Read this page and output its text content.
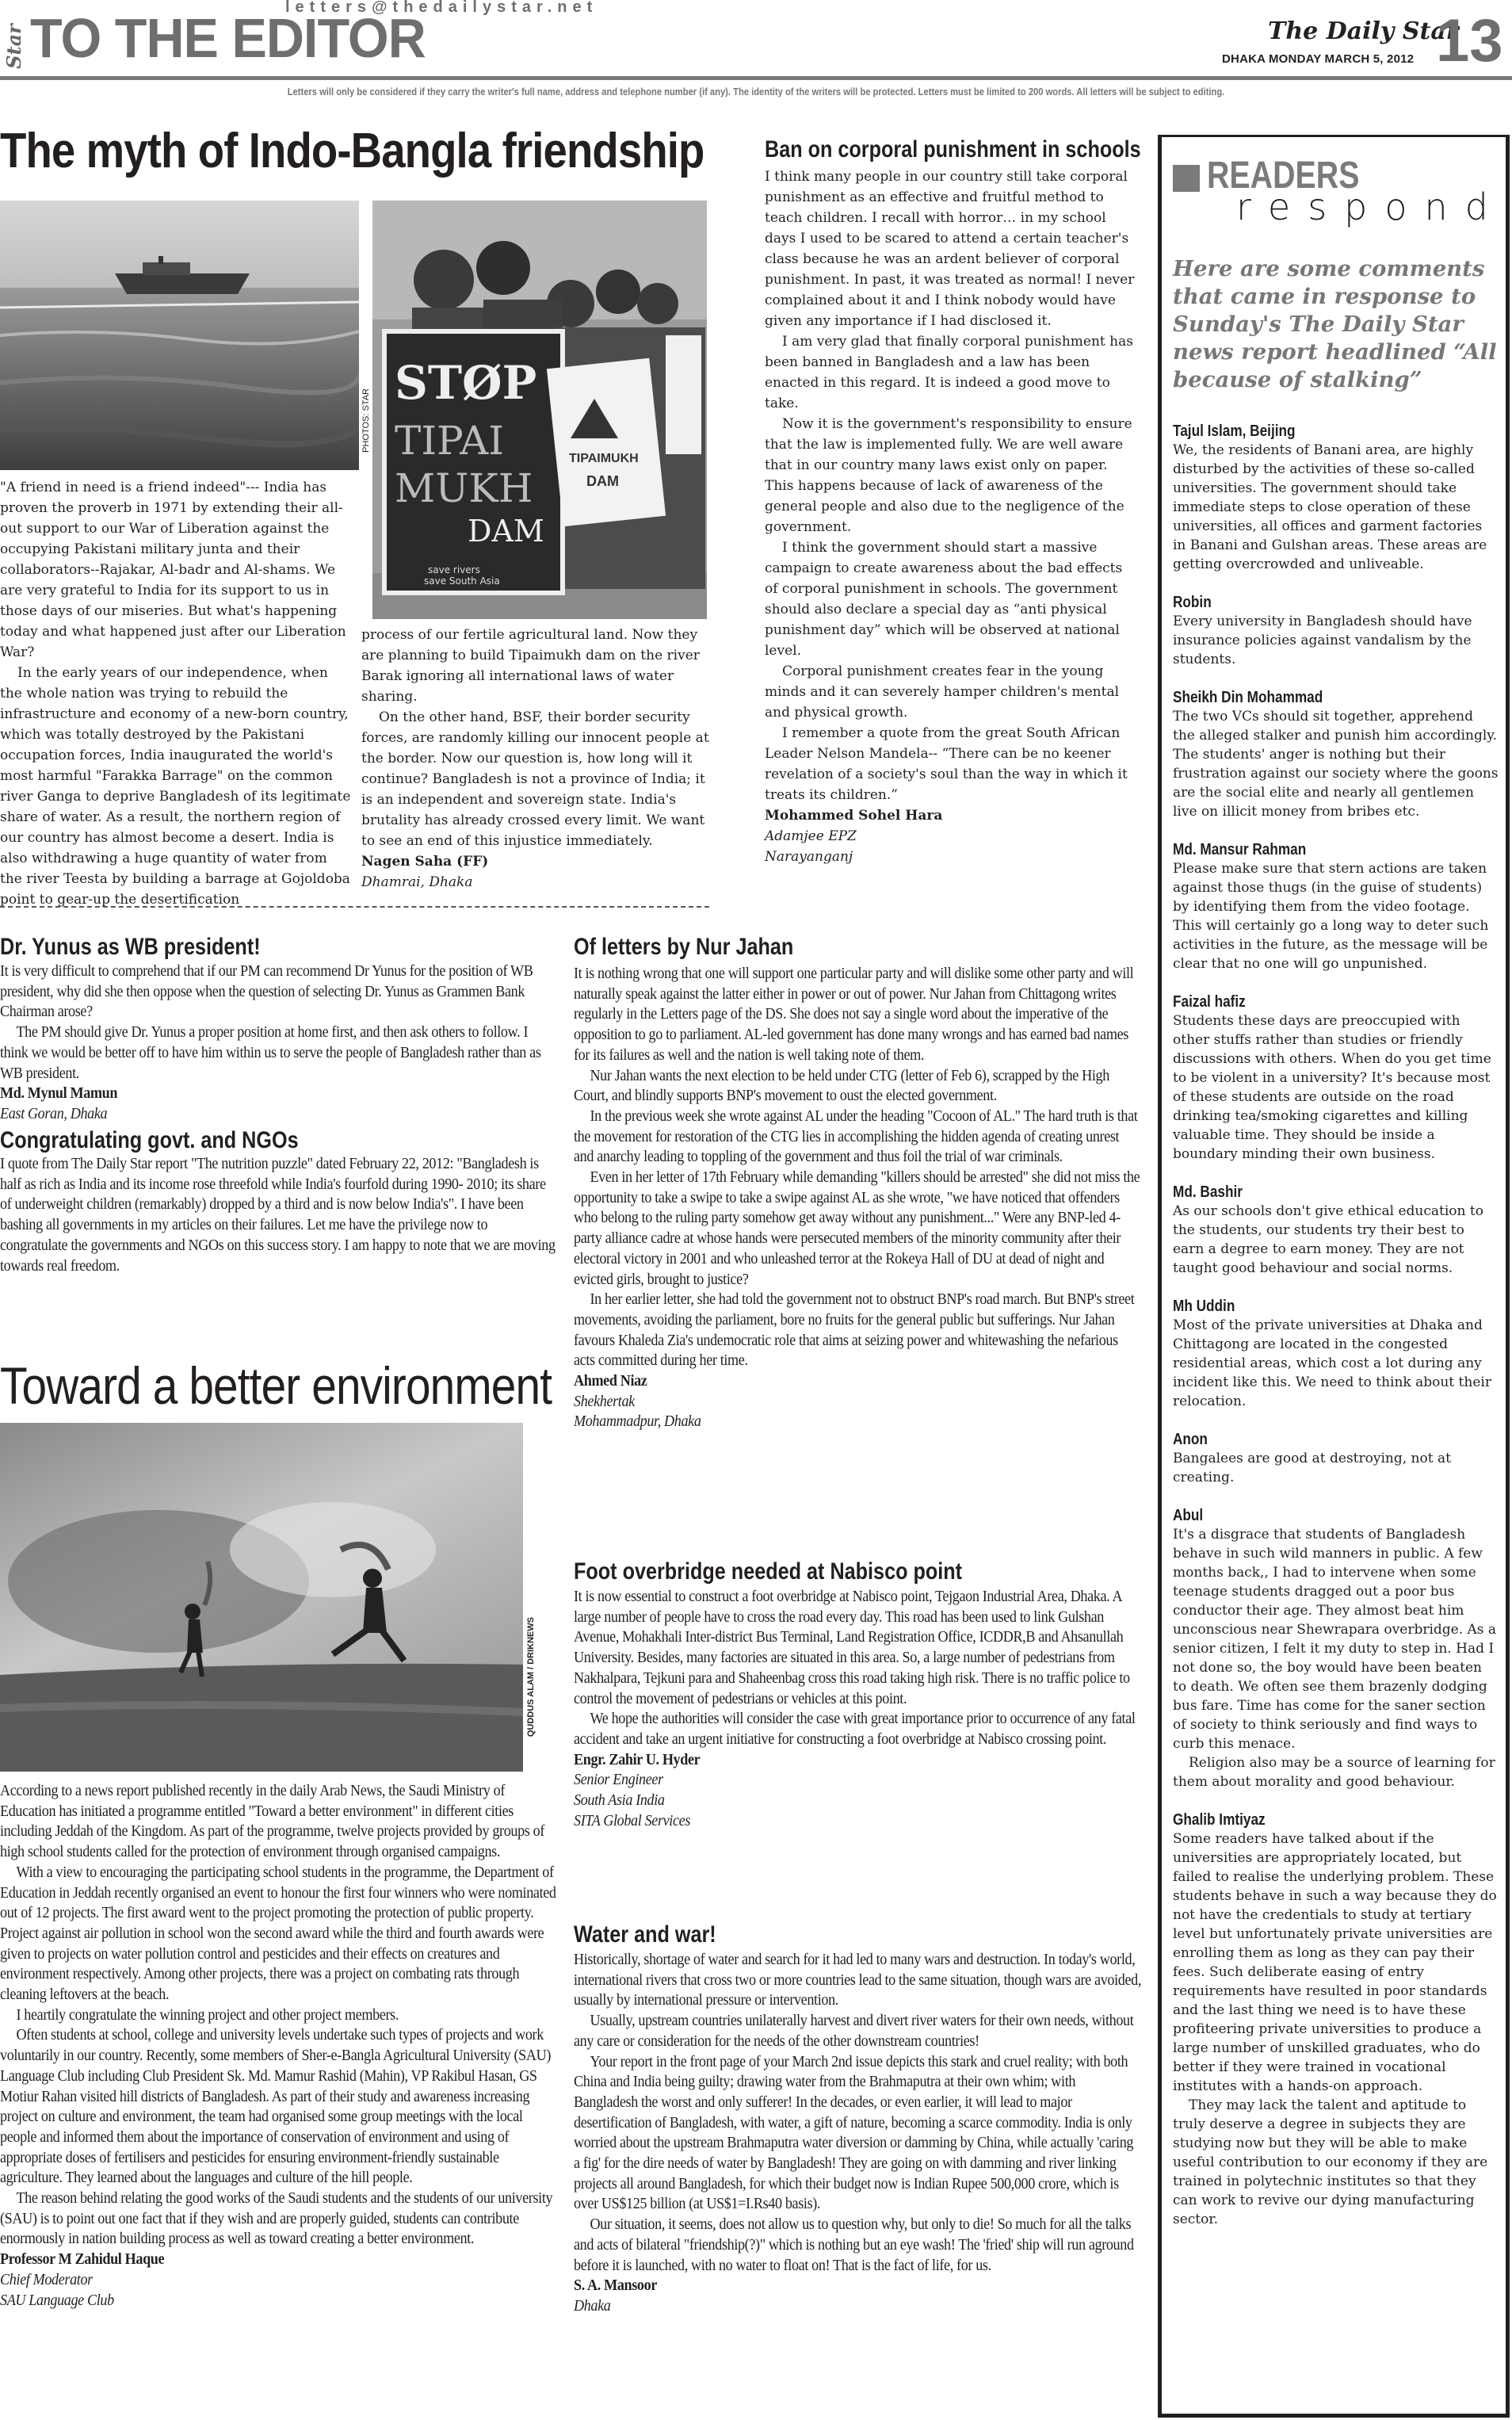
letters@thedailystar.net
Star TO THE EDITOR	The Daily Star
DHAKA MONDAY MARCH 5, 2012 13
Letters will only be considered if they carry the writer's full name, address and telephone number (if any). The identity of the writers will be protected. Letters must be limited to 200 words. All letters will be subject to editing.
The myth of Indo-Bangla friendship
PHOTOS: STAR
STØP
TIPAI
MUKH
DAM
save rivers
save South Asia
TIPAIMUKH
DAM

"A friend in need is a friend indeed"--- India has proven the proverb in 1971 by extending their all-out support to our War of Liberation against the occupying Pakistani military junta and their collaborators--Rajakar, Al-badr and Al-shams. We are very grateful to India for its support to us in those days of our miseries. But what's happening today and what happened just after our Liberation War?

In the early years of our independence, when the whole nation was trying to rebuild the infrastructure and economy of a new-born country, which was totally destroyed by the Pakistani occupation forces, India inaugurated the world's most harmful "Farakka Barrage" on the common river Ganga to deprive Bangladesh of its legitimate share of water. As a result, the northern region of our country has almost become a desert. India is also withdrawing a huge quantity of water from the river Teesta by building a barrage at Gojoldoba point to gear-up the desertification

process of our fertile agricultural land. Now they are planning to build Tipaimukh dam on the river Barak ignoring all international laws of water sharing.

On the other hand, BSF, their border security forces, are randomly killing our innocent people at the border. Now our question is, how long will it continue? Bangladesh is not a province of India; it is an independent and sovereign state. India's brutality has already crossed every limit. We want to see an end of this injustice immediately.

Nagen Saha (FF)
Dhamrai, Dhaka
Ban on corporal punishment in schools

I think many people in our country still take corporal punishment as an effective and fruitful method to teach children. I recall with horror… in my school days I used to be scared to attend a certain teacher's class because he was an ardent believer of corporal punishment. In past, it was treated as normal! I never complained about it and I think nobody would have given any importance if I had disclosed it.

I am very glad that finally corporal punishment has been banned in Bangladesh and a law has been enacted in this regard. It is indeed a good move to take.

Now it is the government's responsibility to ensure that the law is implemented fully. We are well aware that in our country many laws exist only on paper. This happens because of lack of awareness of the general people and also due to the negligence of the government.

I think the government should start a massive campaign to create awareness about the bad effects of corporal punishment in schools. The government should also declare a special day as “anti physical punishment day” which will be observed at national level.

Corporal punishment creates fear in the young minds and it can severely hamper children's mental and physical growth.

I remember a quote from the great South African Leader Nelson Mandela-- “There can be no keener revelation of a society's soul than the way in which it treats its children.”

Mohammed Sohel Hara
Adamjee EPZ
Narayanganj
Dr. Yunus as WB president!

It is very difficult to comprehend that if our PM can recommend Dr Yunus for the position of WB president, why did she then oppose when the question of selecting Dr. Yunus as Grammen Bank Chairman arose?

The PM should give Dr. Yunus a proper position at home first, and then ask others to follow. I think we would be better off to have him within us to serve the people of Bangladesh rather than as WB president.

Md. Mynul Mamun
East Goran, Dhaka
Congratulating govt. and NGOs

I quote from The Daily Star report "The nutrition puzzle" dated February 22, 2012: "Bangladesh is half as rich as India and its income rose threefold while India's fourfold during 1990- 2010; its share of underweight children (remarkably) dropped by a third and is now below India's". I have been bashing all governments in my articles on their failures. Let me have the privilege now to congratulate the governments and NGOs on this success story. I am happy to note that we are moving towards real freedom.

Of letters by Nur Jahan

It is nothing wrong that one will support one particular party and will dislike some other party and will naturally speak against the latter either in power or out of power. Nur Jahan from Chittagong writes regularly in the Letters page of the DS. She does not say a single word about the imperative of the opposition to go to parliament. AL-led government has done many wrongs and has earned bad names for its failures as well and the nation is well taking note of them.

Nur Jahan wants the next election to be held under CTG (letter of Feb 6), scrapped by the High Court, and blindly supports BNP's movement to oust the elected government.

In the previous week she wrote against AL under the heading "Cocoon of AL." The hard truth is that the movement for restoration of the CTG lies in accomplishing the hidden agenda of creating unrest and anarchy leading to toppling of the government and thus foil the trial of war criminals.

Even in her letter of 17th February while demanding "killers should be arrested" she did not miss the opportunity to take a swipe to take a swipe against AL as she wrote, "we have noticed that offenders who belong to the ruling party somehow get away without any punishment..." Were any BNP-led 4-party alliance cadre at whose hands were persecuted members of the minority community after their electoral victory in 2001 and who unleashed terror at the Rokeya Hall of DU at dead of night and evicted girls, brought to justice?

In her earlier letter, she had told the government not to obstruct BNP's road march. But BNP's street movements, avoiding the parliament, bore no fruits for the general public but sufferings. Nur Jahan favours Khaleda Zia's undemocratic role that aims at seizing power and whitewashing the nefarious acts committed during her time.

Ahmed Niaz
Shekhertak
Mohammadpur, Dhaka
Toward a better environment
QUDDUS ALAM / DRIKNEWS

According to a news report published recently in the daily Arab News, the Saudi Ministry of Education has initiated a programme entitled "Toward a better environment" in different cities including Jeddah of the Kingdom. As part of the programme, twelve projects provided by groups of high school students called for the protection of environment through organised campaigns.

With a view to encouraging the participating school students in the programme, the Department of Education in Jeddah recently organised an event to honour the first four winners who were nominated out of 12 projects. The first award went to the project promoting the protection of public property. Project against air pollution in school won the second award while the third and fourth awards were given to projects on water pollution control and pesticides and their effects on creatures and environment respectively. Among other projects, there was a project on combating rats through cleaning leftovers at the beach.

I heartily congratulate the winning project and other project members.

Often students at school, college and university levels undertake such types of projects and work voluntarily in our country. Recently, some members of Sher-e-Bangla Agricultural University (SAU) Language Club including Club President Sk. Md. Mamur Rashid (Mahin), VP Rakibul Hasan, GS Motiur Rahan visited hill districts of Bangladesh. As part of their study and awareness increasing project on culture and environment, the team had organised some group meetings with the local people and informed them about the importance of conservation of environment and using of appropriate doses of fertilisers and pesticides for ensuring environment-friendly sustainable agriculture. They learned about the languages and culture of the hill people.

The reason behind relating the good works of the Saudi students and the students of our university (SAU) is to point out one fact that if they wish and are properly guided, students can contribute enormously in nation building process as well as toward creating a better environment.

Professor M Zahidul Haque
Chief Moderator
SAU Language Club
Foot overbridge needed at Nabisco point

It is now essential to construct a foot overbridge at Nabisco point, Tejgaon Industrial Area, Dhaka. A large number of people have to cross the road every day. This road has been used to link Gulshan Avenue, Mohakhali Inter-district Bus Terminal, Land Registration Office, ICDDR,B and Ahsanullah University. Besides, many factories are situated in this area. So, a large number of pedestrians from Nakhalpara, Tejkuni para and Shaheenbag cross this road taking high risk. There is no traffic police to control the movement of pedestrians or vehicles at this point.

We hope the authorities will consider the case with great importance prior to occurrence of any fatal accident and take an urgent initiative for constructing a foot overbridge at Nabisco crossing point.

Engr. Zahir U. Hyder
Senior Engineer
South Asia India
SITA Global Services
Water and war!

Historically, shortage of water and search for it had led to many wars and destruction. In today's world, international rivers that cross two or more countries lead to the same situation, though wars are avoided, usually by international pressure or intervention.

Usually, upstream countries unilaterally harvest and divert river waters for their own needs, without any care or consideration for the needs of the other downstream countries!

Your report in the front page of your March 2nd issue depicts this stark and cruel reality; with both China and India being guilty; drawing water from the Brahmaputra at their own whim; with Bangladesh the worst and only sufferer! In the decades, or even earlier, it will lead to major desertification of Bangladesh, with water, a gift of nature, becoming a scarce commodity. India is only worried about the upstream Brahmaputra water diversion or damming by China, while actually 'caring a fig' for the dire needs of water by Bangladesh! They are going on with damming and river linking projects all around Bangladesh, for which their budget now is Indian Rupee 500,000 crore, which is over US$125 billion (at US$1=I.Rs40 basis).

Our situation, it seems, does not allow us to question why, but only to die! So much for all the talks and acts of bilateral "friendship(?)" which is nothing but an eye wash! The 'fried' ship will run aground before it is launched, with no water to float on! That is the fact of life, for us.

S. A. Mansoor
Dhaka
READERS
respond
Here are some comments that came in response to Sunday's The Daily Star news report headlined “All because of stalking”
Tajul Islam, Beijing

We, the residents of Banani area, are highly disturbed by the activities of these so-called universities. The government should take immediate steps to close operation of these universities, all offices and garment factories in Banani and Gulshan areas. These areas are getting overcrowded and unliveable.

Robin

Every university in Bangladesh should have insurance policies against vandalism by the students.

Sheikh Din Mohammad

The two VCs should sit together, apprehend the alleged stalker and punish him accordingly. The students' anger is nothing but their frustration against our society where the goons are the social elite and nearly all gentlemen live on illicit money from bribes etc.

Md. Mansur Rahman

Please make sure that stern actions are taken against those thugs (in the guise of students) by identifying them from the video footage. This will certainly go a long way to deter such activities in the future, as the message will be clear that no one will go unpunished.

Faizal hafiz

Students these days are preoccupied with other stuffs rather than studies or friendly discussions with others. When do you get time to be violent in a university? It's because most of these students are outside on the road drinking tea/smoking cigarettes and killing valuable time. They should be inside a boundary minding their own business.

Md. Bashir

As our schools don't give ethical education to the students, our students try their best to earn a degree to earn money. They are not taught good behaviour and social norms.

Mh Uddin

Most of the private universities at Dhaka and Chittagong are located in the congested residential areas, which cost a lot during any incident like this. We need to think about their relocation.

Anon

Bangalees are good at destroying, not at creating.

Abul

It's a disgrace that students of Bangladesh behave in such wild manners in public. A few months back,, I had to intervene when some teenage students dragged out a poor bus conductor their age. They almost beat him unconscious near Shewrapara overbridge. As a senior citizen, I felt it my duty to step in. Had I not done so, the boy would have been beaten to death. We often see them brazenly dodging bus fare. Time has come for the saner section of society to think seriously and find ways to curb this menace.

Religion also may be a source of learning for them about morality and good behaviour.

Ghalib Imtiyaz

Some readers have talked about if the universities are appropriately located, but failed to realise the underlying problem. These students behave in such a way because they do not have the credentials to study at tertiary level but unfortunately private universities are enrolling them as long as they can pay their fees. Such deliberate easing of entry requirements have resulted in poor standards and the last thing we need is to have these profiteering private universities to produce a large number of unskilled graduates, who do better if they were trained in vocational institutes with a hands-on approach.

They may lack the talent and aptitude to truly deserve a degree in subjects they are studying now but they will be able to make useful contribution to our economy if they are trained in polytechnic institutes so that they can work to revive our dying manufacturing sector.
